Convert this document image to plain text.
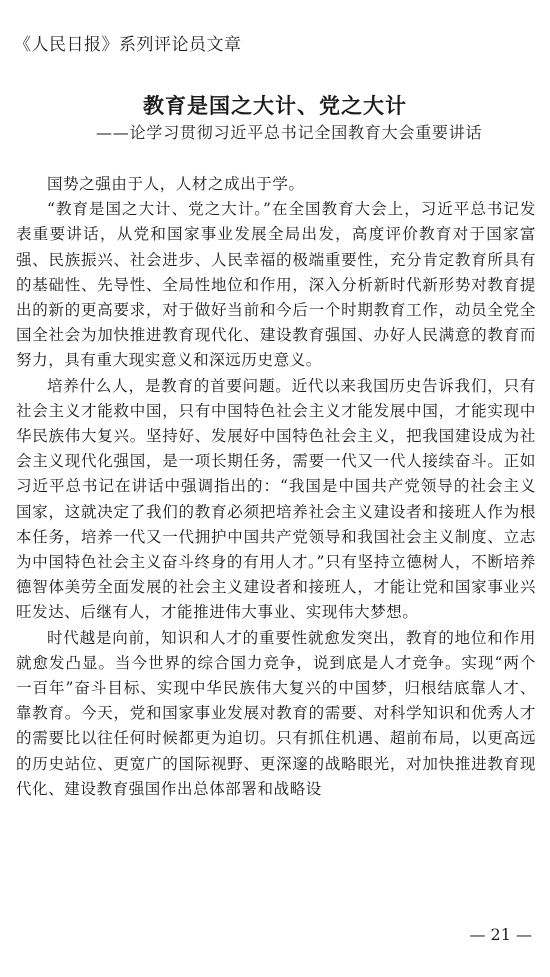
《人民日报》系列评论员文章
教育是国之大计、党之大计
——论学习贯彻习近平总书记全国教育大会重要讲话

国势之强由于人，人材之成出于学。

“教育是国之大计、党之大计。”在全国教育大会上，习近平总书记发表重要讲话，从党和国家事业发展全局出发，高度评价教育对于国家富强、民族振兴、社会进步、人民幸福的极端重要性，充分肯定教育所具有的基础性、先导性、全局性地位和作用，深入分析新时代新形势对教育提出的新的更高要求，对于做好当前和今后一个时期教育工作，动员全党全国全社会为加快推进教育现代化、建设教育强国、办好人民满意的教育而努力，具有重大现实意义和深远历史意义。

培养什么人，是教育的首要问题。近代以来我国历史告诉我们，只有社会主义才能救中国，只有中国特色社会主义才能发展中国，才能实现中华民族伟大复兴。坚持好、发展好中国特色社会主义，把我国建设成为社会主义现代化强国，是一项长期任务，需要一代又一代人接续奋斗。正如习近平总书记在讲话中强调指出的：“我国是中国共产党领导的社会主义国家，这就决定了我们的教育必须把培养社会主义建设者和接班人作为根本任务，培养一代又一代拥护中国共产党领导和我国社会主义制度、立志为中国特色社会主义奋斗终身的有用人才。”只有坚持立德树人，不断培养德智体美劳全面发展的社会主义建设者和接班人，才能让党和国家事业兴旺发达、后继有人，才能推进伟大事业、实现伟大梦想。

时代越是向前，知识和人才的重要性就愈发突出，教育的地位和作用就愈发凸显。当今世界的综合国力竞争，说到底是人才竞争。实现“两个一百年”奋斗目标、实现中华民族伟大复兴的中国梦，归根结底靠人才、靠教育。今天，党和国家事业发展对教育的需要、对科学知识和优秀人才的需要比以往任何时候都更为迫切。只有抓住机遇、超前布局，以更高远的历史站位、更宽广的国际视野、更深邃的战略眼光，对加快推进教育现代化、建设教育强国作出总体部署和战略设

— 21 —
